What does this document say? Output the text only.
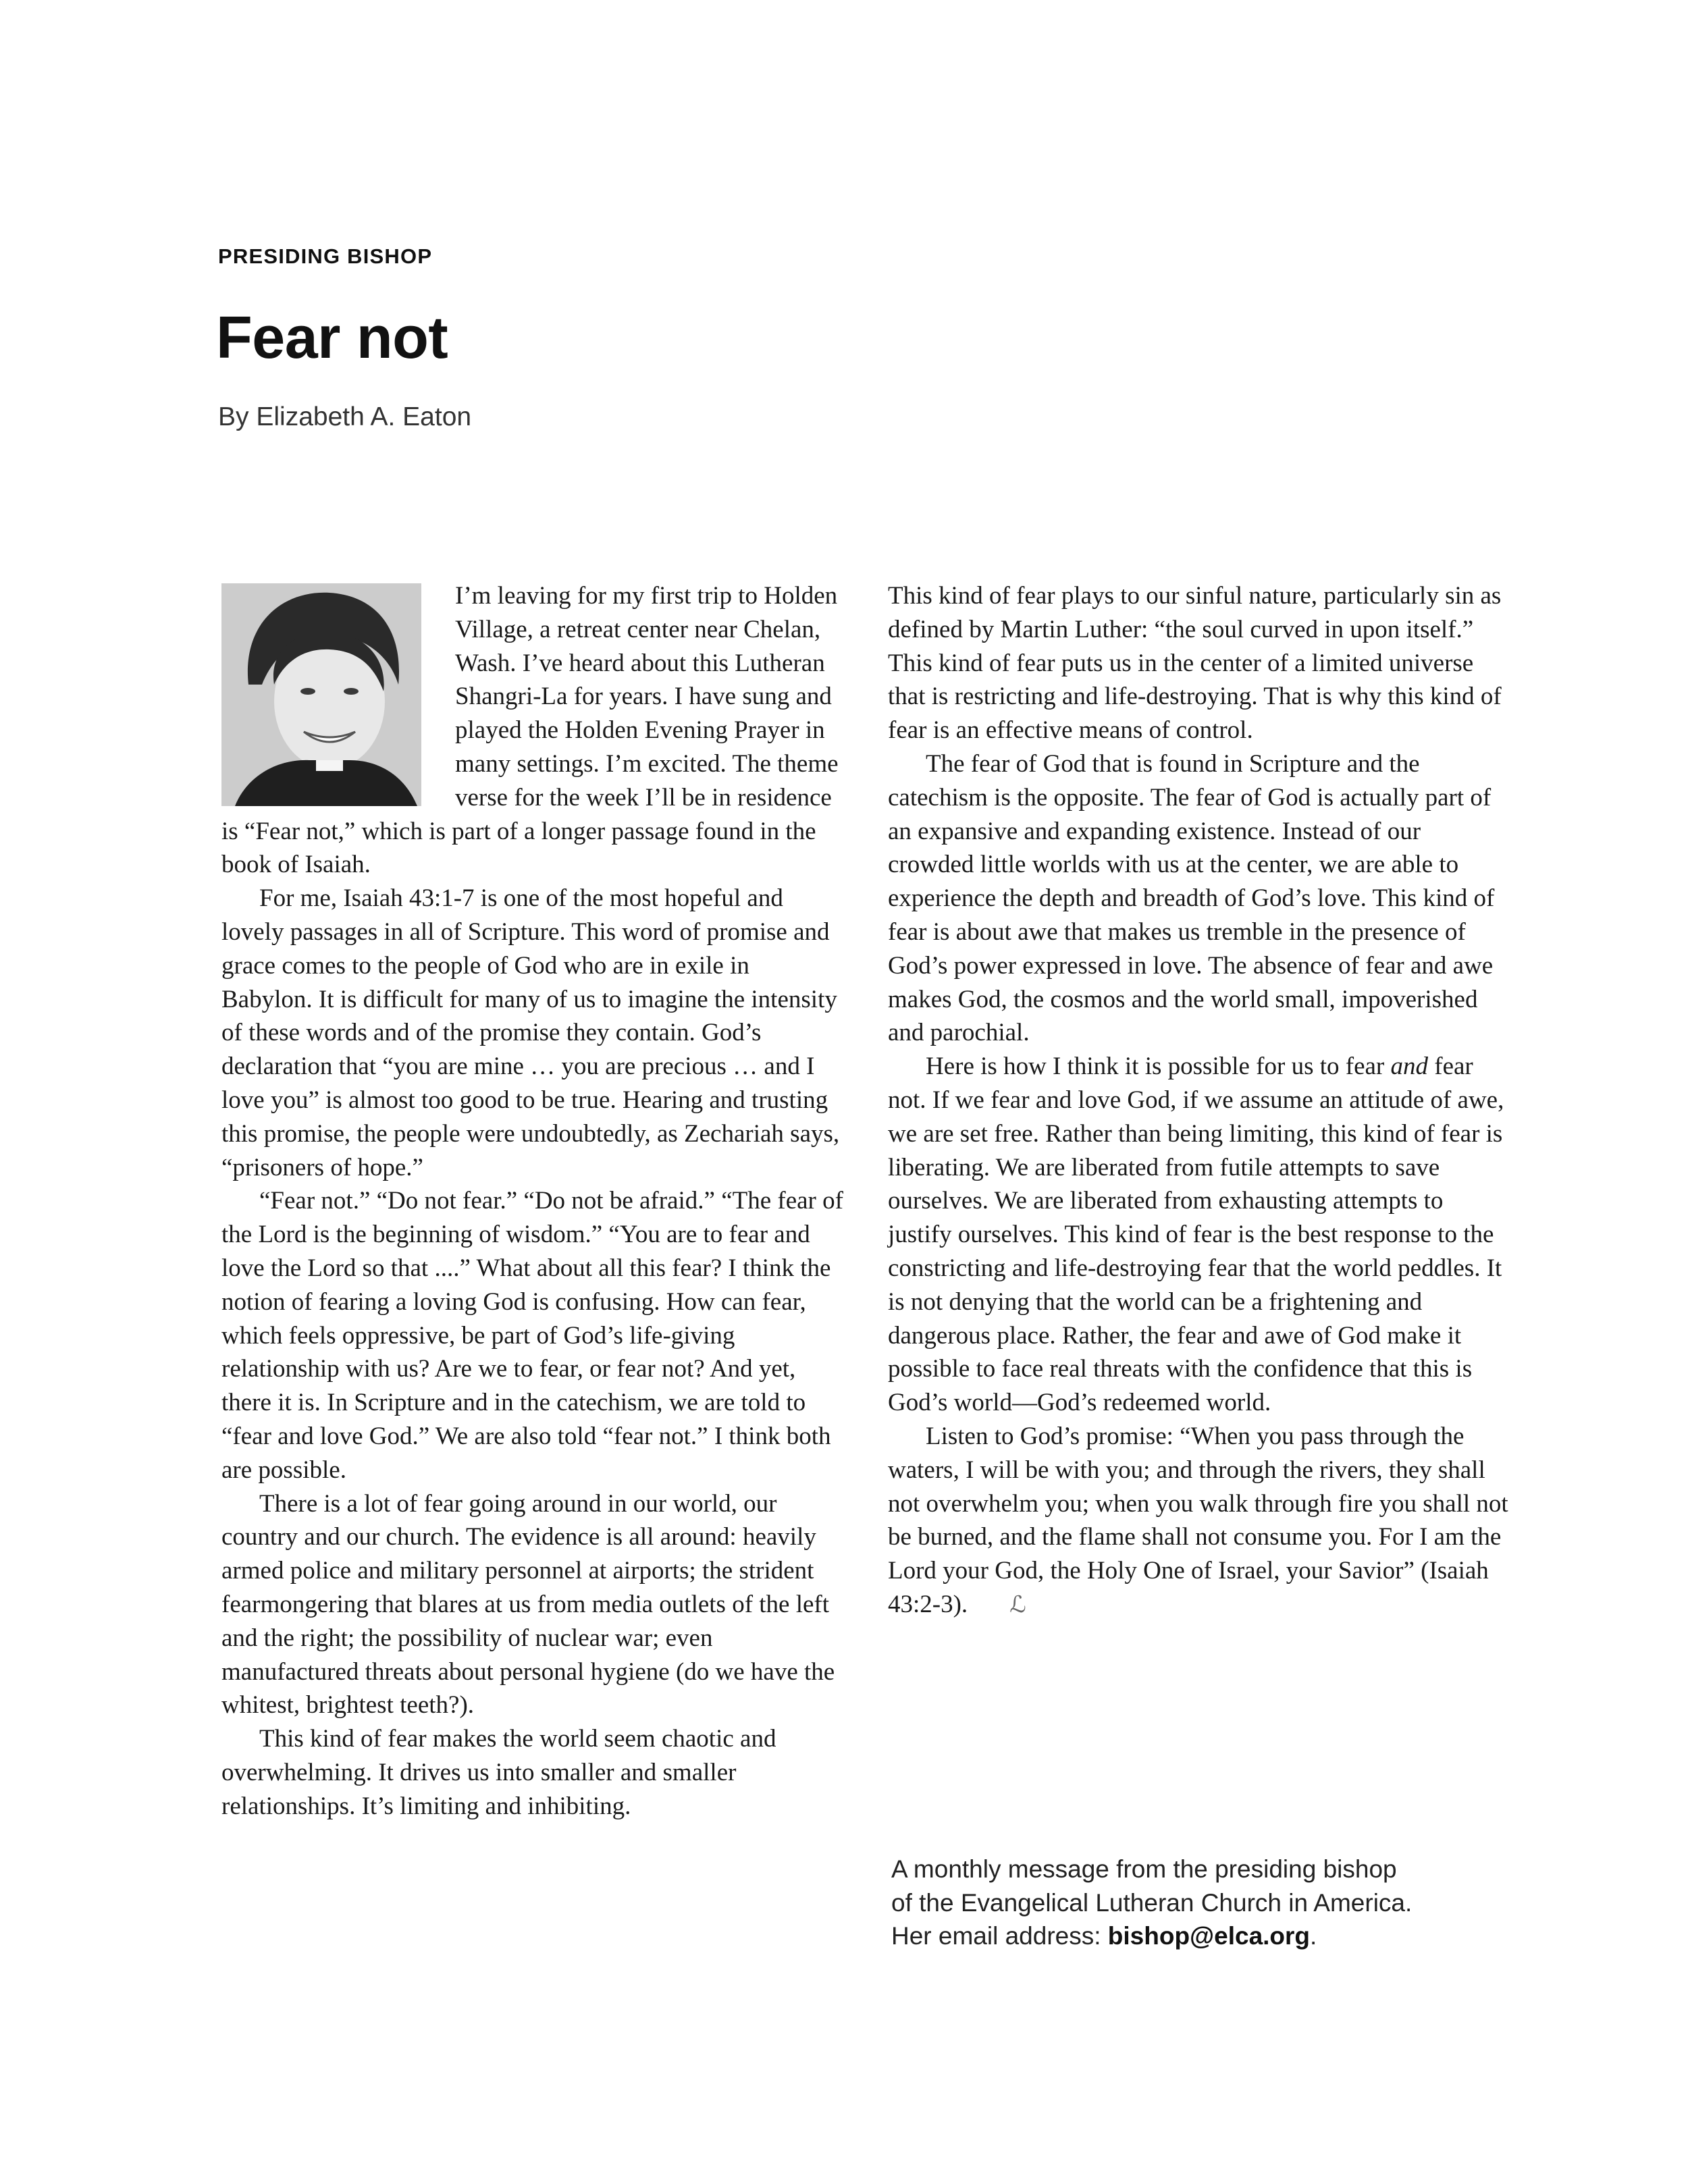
PRESIDING BISHOP
Fear not
By Elizabeth A. Eaton

I’m leaving for my first trip to Holden Village, a retreat center near Chelan, Wash. I’ve heard about this Lutheran Shangri-La for years. I have sung and played the Holden Evening Prayer in many settings. I’m excited. The theme verse for the week I’ll be in residence is “Fear not,” which is part of a longer passage found in the book of Isaiah.

For me, Isaiah 43:1-7 is one of the most hopeful and lovely passages in all of Scripture. This word of promise and grace comes to the people of God who are in exile in Babylon. It is difficult for many of us to imagine the intensity of these words and of the promise they contain. God’s declaration that “you are mine … you are precious … and I love you” is almost too good to be true. Hearing and trusting this promise, the people were undoubtedly, as Zechariah says, “prisoners of hope.”

“Fear not.” “Do not fear.” “Do not be afraid.” “The fear of the Lord is the beginning of wisdom.” “You are to fear and love the Lord so that ....” What about all this fear? I think the notion of fearing a loving God is confusing. How can fear, which feels oppressive, be part of God’s life-giving relationship with us? Are we to fear, or fear not? And yet, there it is. In Scripture and in the catechism, we are told to “fear and love God.” We are also told “fear not.” I think both are possible.

There is a lot of fear going around in our world, our country and our church. The evidence is all around: heavily armed police and military personnel at airports; the strident fearmongering that blares at us from media outlets of the left and the right; the possibility of nuclear war; even manufactured threats about personal hygiene (do we have the whitest, brightest teeth?).

This kind of fear makes the world seem chaotic and overwhelming. It drives us into smaller and smaller relationships. It’s limiting and inhibiting.

This kind of fear plays to our sinful nature, particularly sin as defined by Martin Luther: “the soul curved in upon itself.” This kind of fear puts us in the center of a limited universe that is restricting and life-destroying. That is why this kind of fear is an effective means of control.

The fear of God that is found in Scripture and the catechism is the opposite. The fear of God is actually part of an expansive and expanding existence. Instead of our crowded little worlds with us at the center, we are able to experience the depth and breadth of God’s love. This kind of fear is about awe that makes us tremble in the presence of God’s power expressed in love. The absence of fear and awe makes God, the cosmos and the world small, impoverished and parochial.

Here is how I think it is possible for us to fear and fear not. If we fear and love God, if we assume an attitude of awe, we are set free. Rather than being limiting, this kind of fear is liberating. We are liberated from futile attempts to save ourselves. We are liberated from exhausting attempts to justify ourselves. This kind of fear is the best response to the constricting and life-destroying fear that the world peddles. It is not denying that the world can be a frightening and dangerous place. Rather, the fear and awe of God make it possible to face real threats with the confidence that this is God’s world—God’s redeemed world.

Listen to God’s promise: “When you pass through the waters, I will be with you; and through the rivers, they shall not overwhelm you; when you walk through fire you shall not be burned, and the flame shall not consume you. For I am the Lord your God, the Holy One of Israel, your Savior” (Isaiah 43:2-3). ℒ

A monthly message from the presiding bishop
of the Evangelical Lutheran Church in America.
Her email address: bishop@elca.org.
